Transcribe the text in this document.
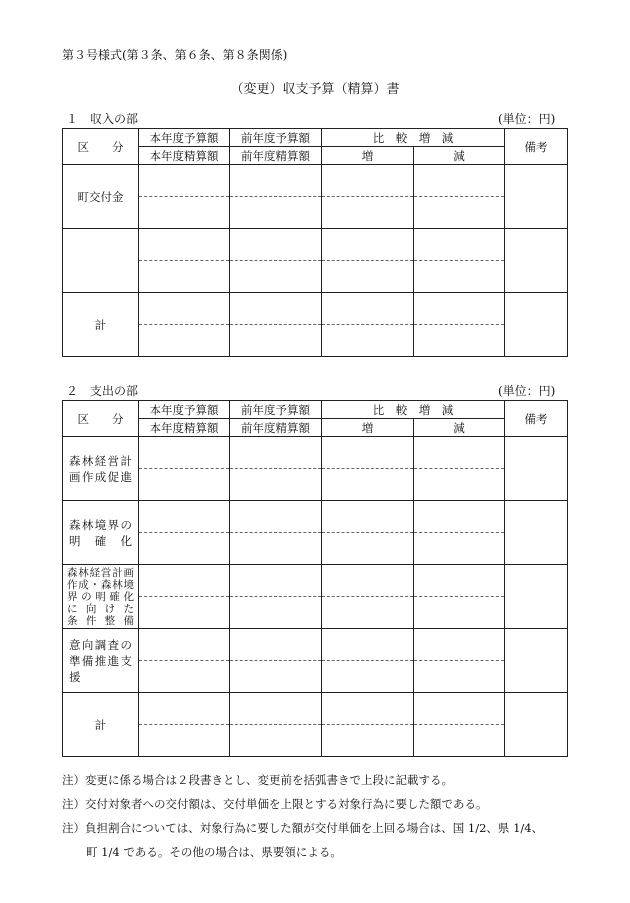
第３号様式(第３条、第６条、第８条関係)
（変更）収支予算（精算）書
１　収入の部	(単位：円)
区　　分	本年度予算額	前年度予算額	比　較　増　減		備考
	本年度精算額	前年度精算額	増	減	
町交付金	

計	

２　支出の部	(単位：円)
区　　分	本年度予算額	前年度予算額	比　較　増　減		備考
	本年度精算額	前年度精算額	増	減	

森林経営計
画作成促進					

森林境界の
明　確　化					

森林経営計画
作成・森林境
界の明確化
に 向 け た
条件整備					

意向調査の
準備推進支援					

計	

注）変更に係る場合は２段書きとし、変更前を括弧書きで上段に記載する。
注）交付対象者への交付額は、交付単価を上限とする対象行為に要した額である。
注）負担割合については、対象行為に要した額が交付単価を上回る場合は、国 1/2、県 1/4、
町 1/4 である。その他の場合は、県要領による。
